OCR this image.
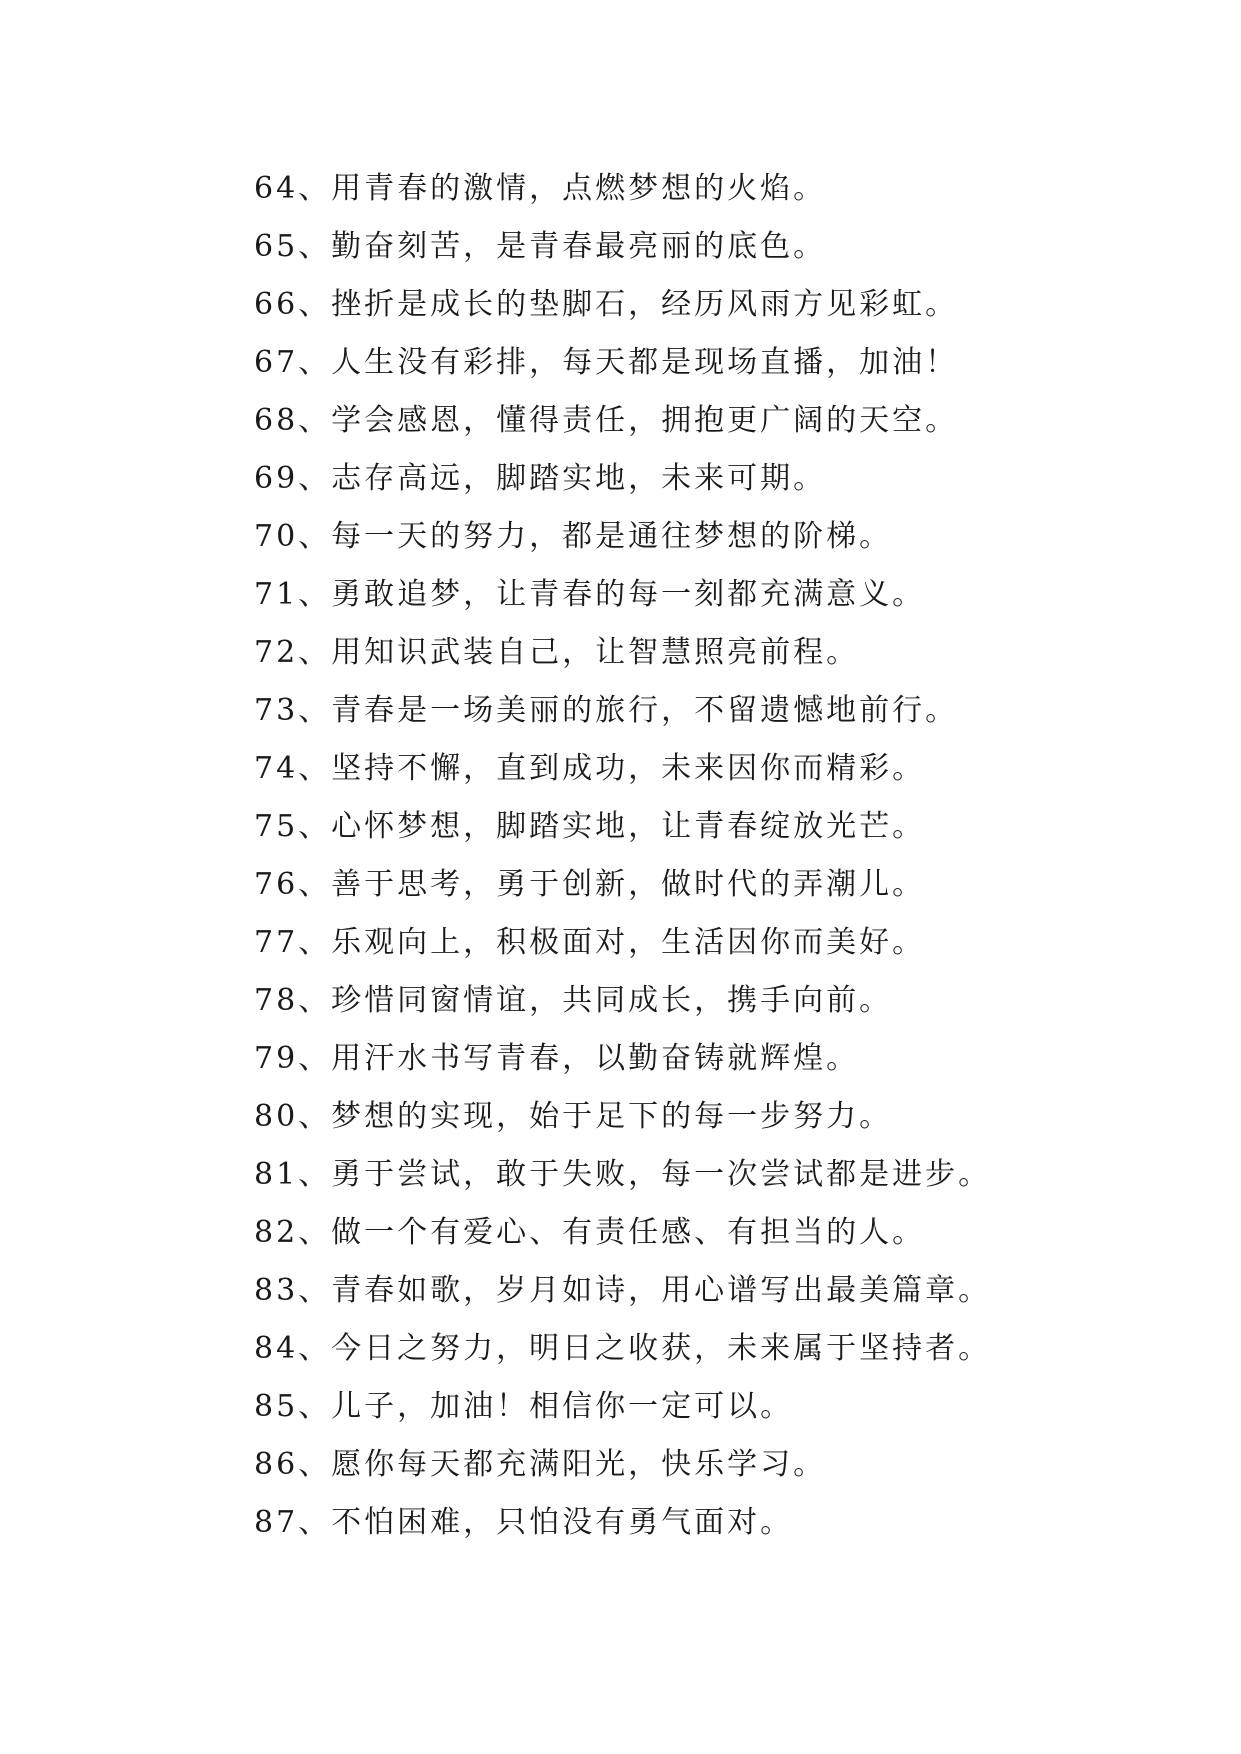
64、用青春的激情，点燃梦想的火焰。
65、勤奋刻苦，是青春最亮丽的底色。
66、挫折是成长的垫脚石，经历风雨方见彩虹。
67、人生没有彩排，每天都是现场直播，加油！
68、学会感恩，懂得责任，拥抱更广阔的天空。
69、志存高远，脚踏实地，未来可期。
70、每一天的努力，都是通往梦想的阶梯。
71、勇敢追梦，让青春的每一刻都充满意义。
72、用知识武装自己，让智慧照亮前程。
73、青春是一场美丽的旅行，不留遗憾地前行。
74、坚持不懈，直到成功，未来因你而精彩。
75、心怀梦想，脚踏实地，让青春绽放光芒。
76、善于思考，勇于创新，做时代的弄潮儿。
77、乐观向上，积极面对，生活因你而美好。
78、珍惜同窗情谊，共同成长，携手向前。
79、用汗水书写青春，以勤奋铸就辉煌。
80、梦想的实现，始于足下的每一步努力。
81、勇于尝试，敢于失败，每一次尝试都是进步。
82、做一个有爱心、有责任感、有担当的人。
83、青春如歌，岁月如诗，用心谱写出最美篇章。
84、今日之努力，明日之收获，未来属于坚持者。
85、儿子，加油！相信你一定可以。
86、愿你每天都充满阳光，快乐学习。
87、不怕困难，只怕没有勇气面对。
